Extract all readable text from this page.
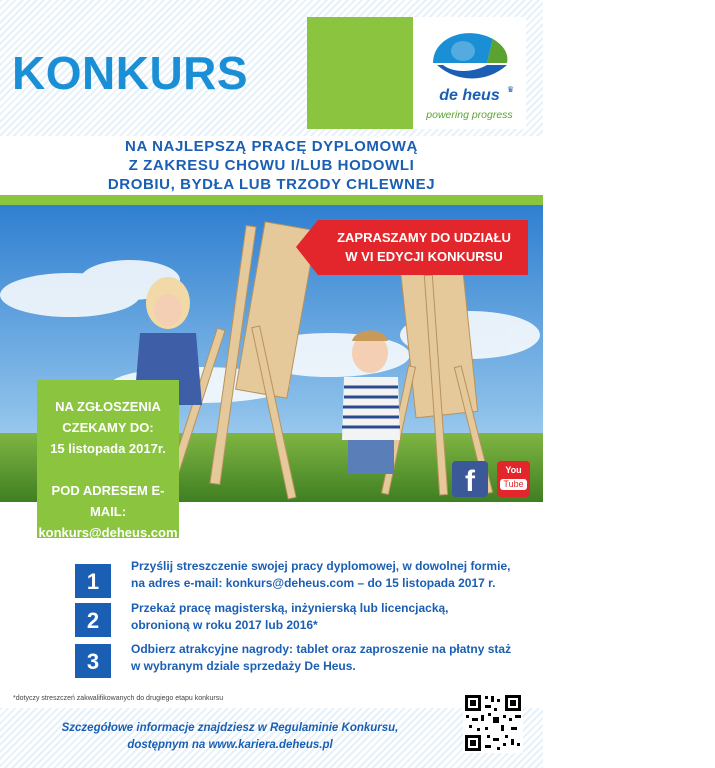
KONKURS	Pracodawca,
dla którego
ważni są ludzie

de heus ♛
powering progress
NA NAJLEPSZĄ PRACĘ DYPLOMOWĄ
Z ZAKRESU CHOWU I/LUB HODOWLI
DROBIU, BYDŁA LUB TRZODY CHLEWNEJ
ZAPRASZAMY DO UDZIAŁU
W VI EDYCJI KONKURSU
NA ZGŁOSZENIA
CZEKAMY DO:
15 listopada 2017r.
POD ADRESEM E-MAIL:
konkurs@deheus.com
f	You
Tube
1
Przyślij streszczenie swojej pracy dyplomowej, w dowolnej formie,
na adres e-mail: konkurs@deheus.com – do 15 listopada 2017 r.
2	Przekaż pracę magisterską, inżynierską lub licencjacką,
obronioną w roku 2017 lub 2016*
3	Odbierz atrakcyjne nagrody: tablet oraz zaproszenie na płatny staż
w wybranym dziale sprzedaży De Heus.
*dotyczy streszczeń zakwalifikowanych do drugiego etapu konkursu
Szczegółowe informacje znajdziesz w Regulaminie Konkursu,
dostępnym na www.kariera.deheus.pl
